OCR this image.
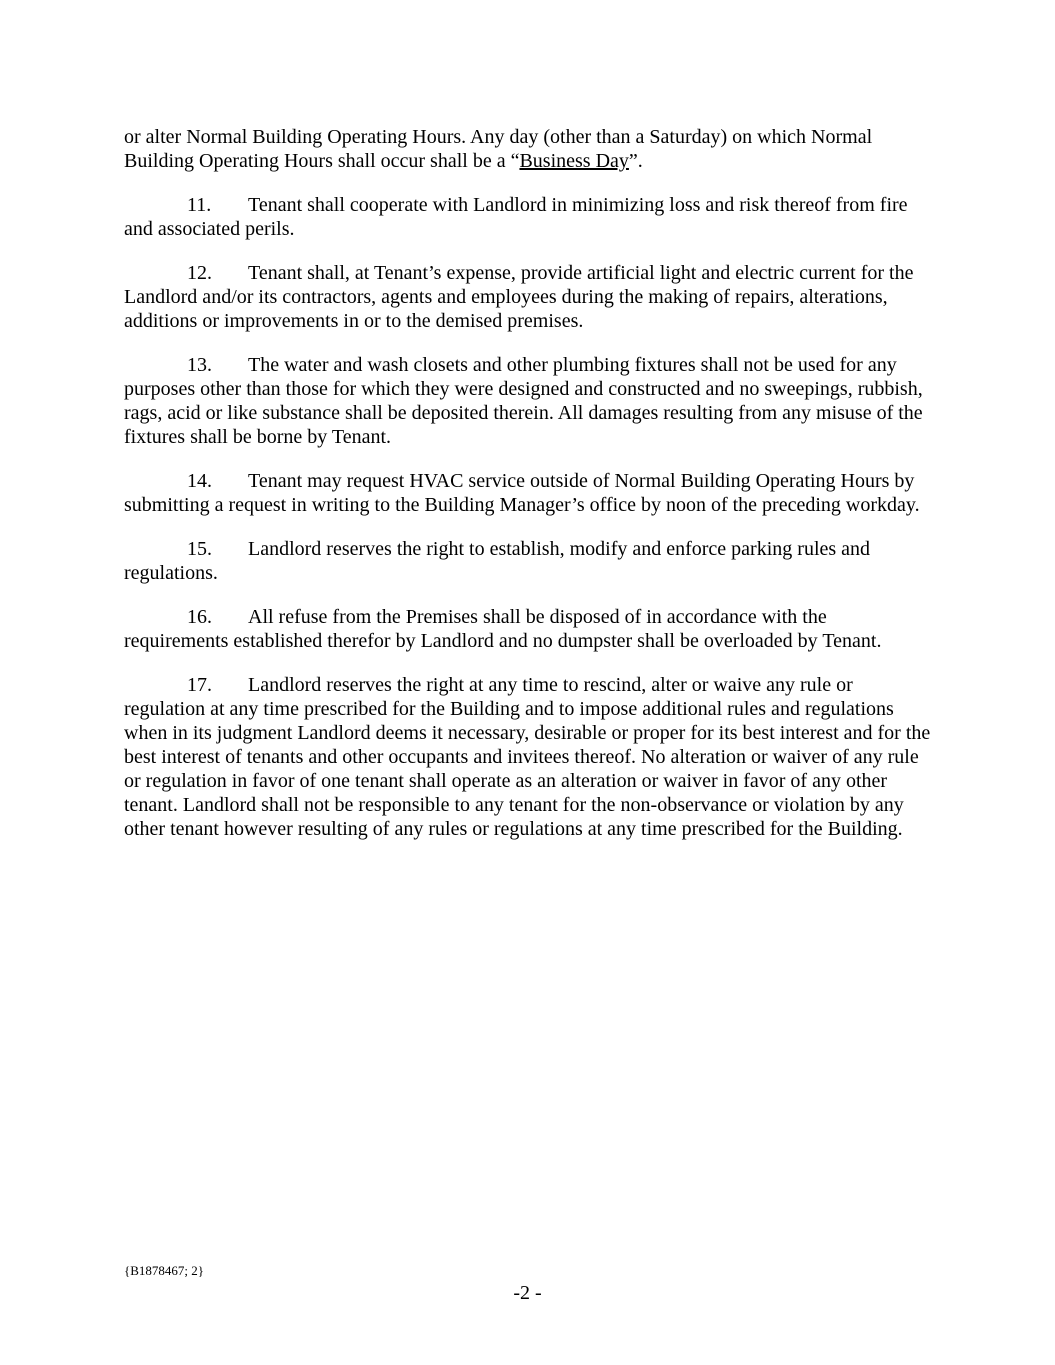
or alter Normal Building Operating Hours. Any day (other than a Saturday) on which Normal Building Operating Hours shall occur shall be a “Business Day”.

11. Tenant shall cooperate with Landlord in minimizing loss and risk thereof from fire and associated perils.

12. Tenant shall, at Tenant’s expense, provide artificial light and electric current for the Landlord and/or its contractors, agents and employees during the making of repairs, alterations, additions or improvements in or to the demised premises.

13. The water and wash closets and other plumbing fixtures shall not be used for any purposes other than those for which they were designed and constructed and no sweepings, rubbish, rags, acid or like substance shall be deposited therein. All damages resulting from any misuse of the fixtures shall be borne by Tenant.

14. Tenant may request HVAC service outside of Normal Building Operating Hours by submitting a request in writing to the Building Manager’s office by noon of the preceding workday.

15. Landlord reserves the right to establish, modify and enforce parking rules and regulations.

16. All refuse from the Premises shall be disposed of in accordance with the requirements established therefor by Landlord and no dumpster shall be overloaded by Tenant.

17. Landlord reserves the right at any time to rescind, alter or waive any rule or regulation at any time prescribed for the Building and to impose additional rules and regulations when in its judgment Landlord deems it necessary, desirable or proper for its best interest and for the best interest of tenants and other occupants and invitees thereof. No alteration or waiver of any rule or regulation in favor of one tenant shall operate as an alteration or waiver in favor of any other tenant. Landlord shall not be responsible to any tenant for the non-observance or violation by any other tenant however resulting of any rules or regulations at any time prescribed for the Building.

{B1878467; 2}
-2 -
